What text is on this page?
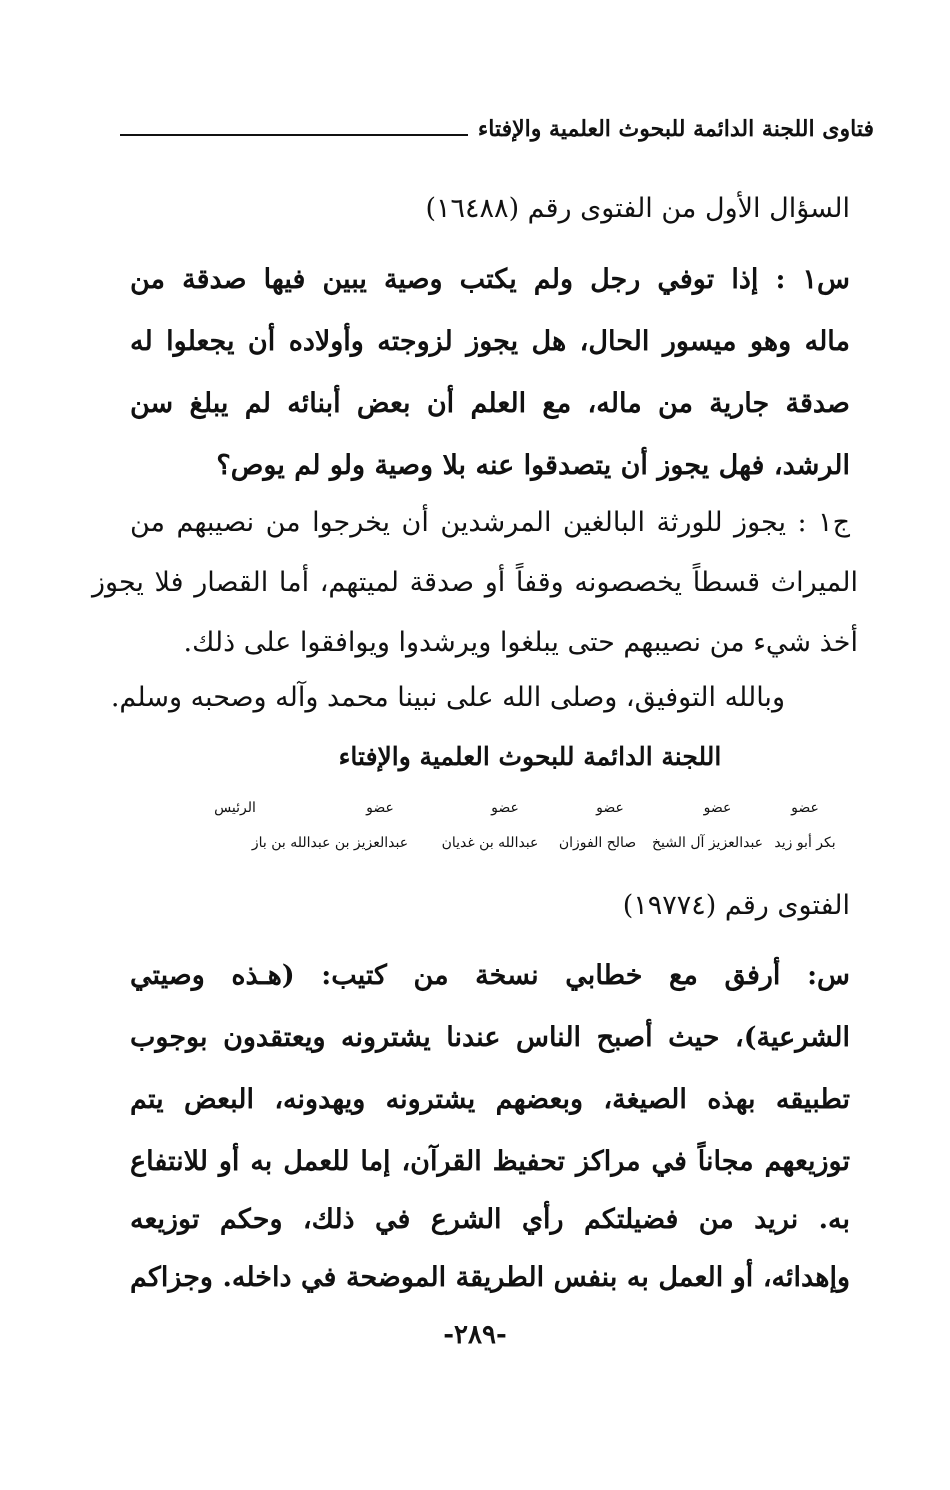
فتاوى اللجنة الدائمة للبحوث العلمية والإفتاء
السؤال الأول من الفتوى رقم (١٦٤٨٨)
س١ : إذا توفي رجل ولم يكتب وصية يبين فيها صدقة من
ماله وهو ميسور الحال، هل يجوز لزوجته وأولاده أن يجعلوا له
صدقة جارية من ماله، مع العلم أن بعض أبنائه لم يبلغ سن
الرشد، فهل يجوز أن يتصدقوا عنه بلا وصية ولو لم يوص؟
ج١ : يجوز للورثة البالغين المرشدين أن يخرجوا من نصيبهم من
الميراث قسطاً يخصصونه وقفاً أو صدقة لميتهم، أما القصار فلا يجوز
أخذ شيء من نصيبهم حتى يبلغوا ويرشدوا ويوافقوا على ذلك.
وبالله التوفيق، وصلى الله على نبينا محمد وآله وصحبه وسلم.
اللجنة الدائمة للبحوث العلمية والإفتاء
عضو
عضو
عضو
عضو
عضو
الرئيس
بكر أبو زيد
عبدالعزيز آل الشيخ
صالح الفوزان
عبدالله بن غديان
عبدالعزيز بن عبدالله بن باز
الفتوى رقم (١٩٧٧٤)
س: أرفق مع خطابي نسخة من كتيب: (هـذه وصيتي
الشرعية)، حيث أصبح الناس عندنا يشترونه ويعتقدون بوجوب
تطبيقه بهذه الصيغة، وبعضهم يشترونه ويهدونه، البعض يتم
توزيعهم مجاناً في مراكز تحفيظ القرآن، إما للعمل به أو للانتفاع
به. نريد من فضيلتكم رأي الشرع في ذلك، وحكم توزيعه
وإهدائه، أو العمل به بنفس الطريقة الموضحة في داخله. وجزاكم
-٢٨٩-
